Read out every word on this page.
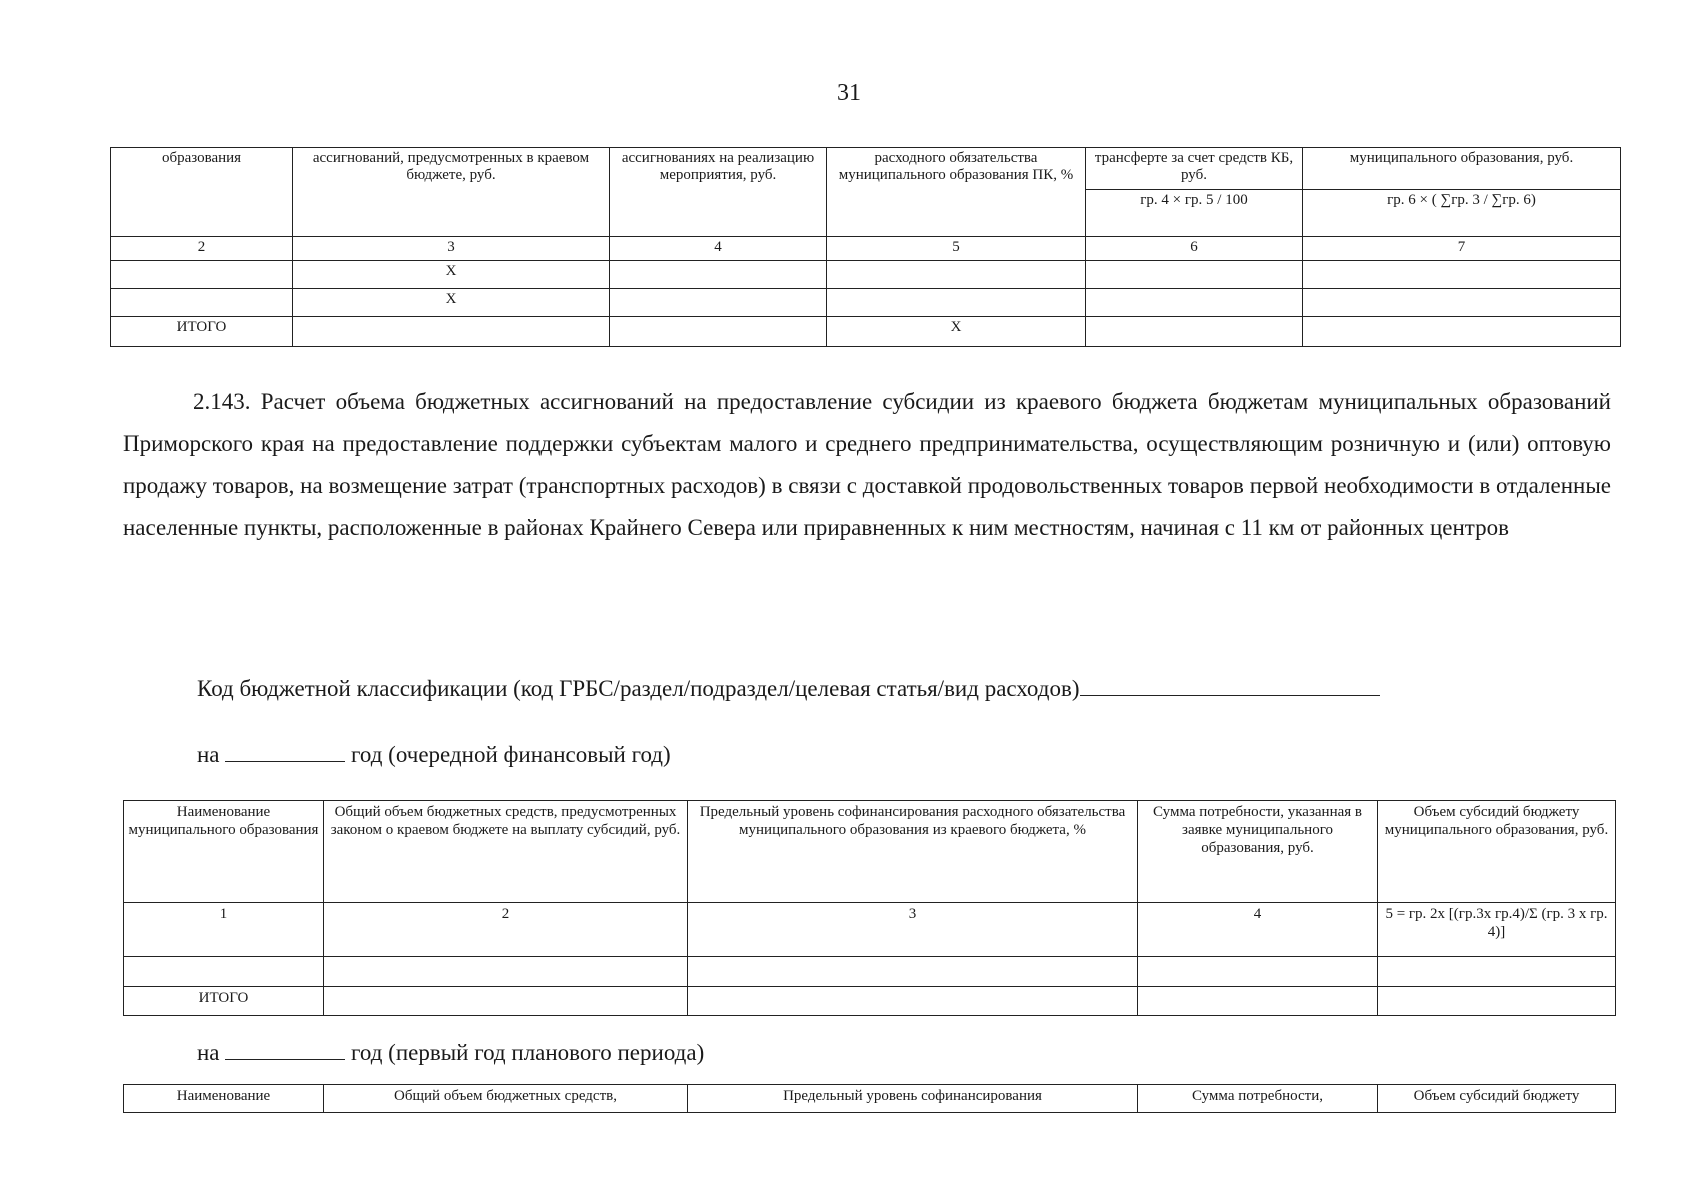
31
образования	ассигнований, предусмотренных в краевом бюджете, руб.	ассигнованиях на реализацию мероприятия, руб.	расходного обязательства муниципального образования ПК, %	трансферте за счет средств КБ, руб.	муниципального образования, руб.
				гр. 4 × гр. 5 / 100	гр. 6 × ( ∑гр. 3 / ∑гр. 6)
2	3	4	5	6	7
	X				
	X				
ИТОГО			X		
2.143. Расчет объема бюджетных ассигнований на предоставление субсидии из краевого бюджета бюджетам муниципальных образований Приморского края на предоставление поддержки субъектам малого и среднего предпринимательства, осуществляющим розничную и (или) оптовую продажу товаров, на возмещение затрат (транспортных расходов) в связи с доставкой продовольственных товаров первой необходимости в отдаленные населенные пункты, расположенные в районах Крайнего Севера или приравненных к ним местностям, начиная с 11 км от районных центров
Код бюджетной классификации (код ГРБС/раздел/подраздел/целевая статья/вид расходов)
на	год (очередной финансовый год)
Наименование муниципального образования	Общий объем бюджетных средств, предусмотренных законом о краевом бюджете на выплату субсидий, руб.	Предельный уровень софинансирования расходного обязательства муниципального образования из краевого бюджета, %	Сумма потребности, указанная в заявке муниципального образования, руб.	Объем субсидий бюджету муниципального образования, руб.
1	2	3	4	5 = гр. 2х [(гр.3х гр.4)/Σ (гр. 3 х гр. 4)]

ИТОГО				
на	год (первый год планового периода)
Наименование	Общий объем бюджетных средств,	Предельный уровень софинансирования	Сумма потребности,	Объем субсидий бюджету
